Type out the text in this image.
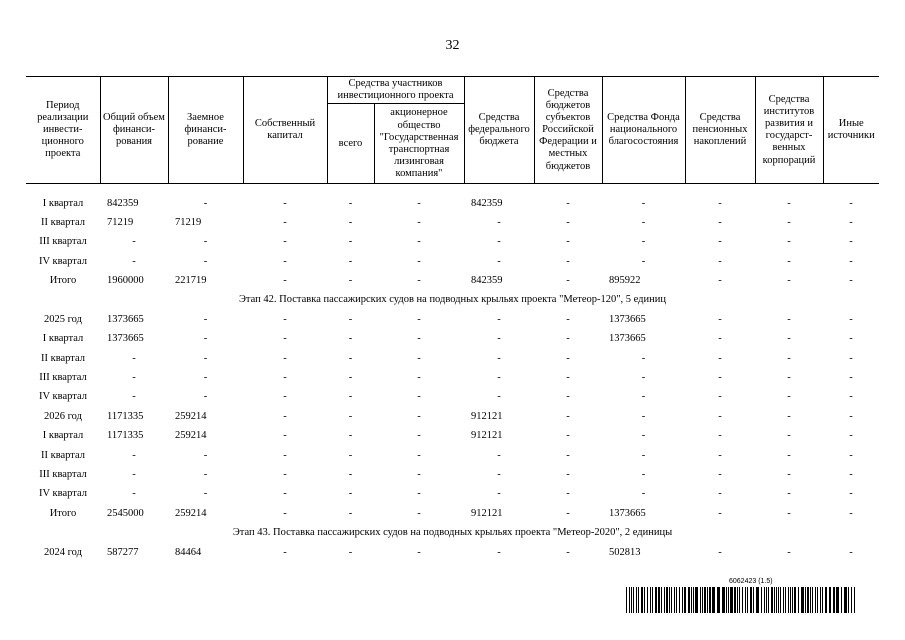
32
Период реализации инвести-ционного проекта	Общий объем финанси-рования	Заемное финанси-рование	Собственный капитал	Средства участников инвестиционного проекта		Средства федерального бюджета	Средства бюджетов субъектов Российской Федерации и местных бюджетов	Средства Фонда национального благосостояния	Средства пенсионных накоплений	Средства институтов развития и государст-венных корпораций	Иные источники
				всего	акционерное общество "Государственная транспортная лизинговая компания"						

I квартал	842359	-	-	-	-	842359	-	-	-	-	-
II квартал	71219	71219	-	-	-	-	-	-	-	-	-
III квартал	-	-	-	-	-	-	-	-	-	-	-
IV квартал	-	-	-	-	-	-	-	-	-	-	-
Итого	1960000	221719	-	-	-	842359	-	895922	-	-	-
Этап 42. Поставка пассажирских судов на подводных крыльях проекта "Метеор-120", 5 единиц											
2025 год	1373665	-	-	-	-	-	-	1373665	-	-	-
I квартал	1373665	-	-	-	-	-	-	1373665	-	-	-
II квартал	-	-	-	-	-	-	-	-	-	-	-
III квартал	-	-	-	-	-	-	-	-	-	-	-
IV квартал	-	-	-	-	-	-	-	-	-	-	-
2026 год	1171335	259214	-	-	-	912121	-	-	-	-	-
I квартал	1171335	259214	-	-	-	912121	-	-	-	-	-
II квартал	-	-	-	-	-	-	-	-	-	-	-
III квартал	-	-	-	-	-	-	-	-	-	-	-
IV квартал	-	-	-	-	-	-	-	-	-	-	-
Итого	2545000	259214	-	-	-	912121	-	1373665	-	-	-
Этап 43. Поставка пассажирских судов на подводных крыльях проекта "Метеор-2020", 2 единицы											
2024 год	587277	84464	-	-	-	-	-	502813	-	-	-
6062423 (1.5)
